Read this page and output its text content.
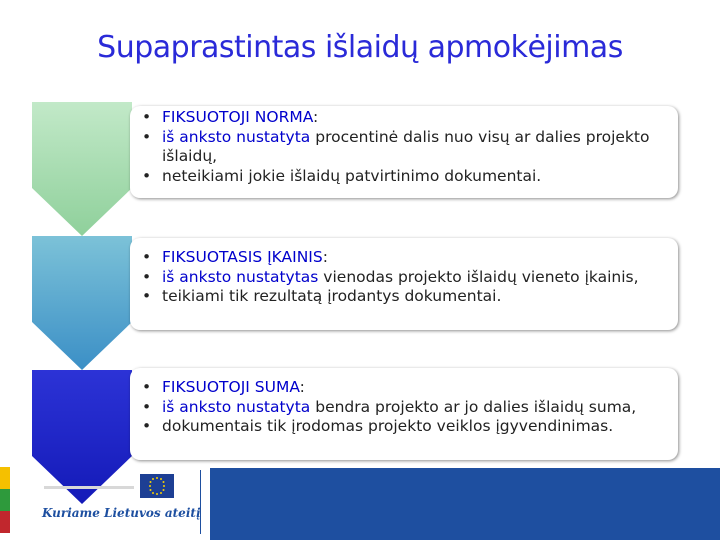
Supaprastintas išlaidų apmokėjimas
• FIKSUOTOJI NORMA:
• iš anksto nustatyta procentinė dalis nuo visų ar dalies projekto išlaidų,
• neteikiami jokie išlaidų patvirtinimo dokumentai.
• FIKSUOTASIS ĮKAINIS:
• iš anksto nustatytas vienodas projekto išlaidų vieneto įkainis,
• teikiami tik rezultatą įrodantys dokumentai.
• FIKSUOTOJI SUMA:
• iš anksto nustatyta bendra projekto ar jo dalies išlaidų suma,
• dokumentais tik įrodomas projekto veiklos įgyvendinimas.
Kuriame Lietuvos ateitį
